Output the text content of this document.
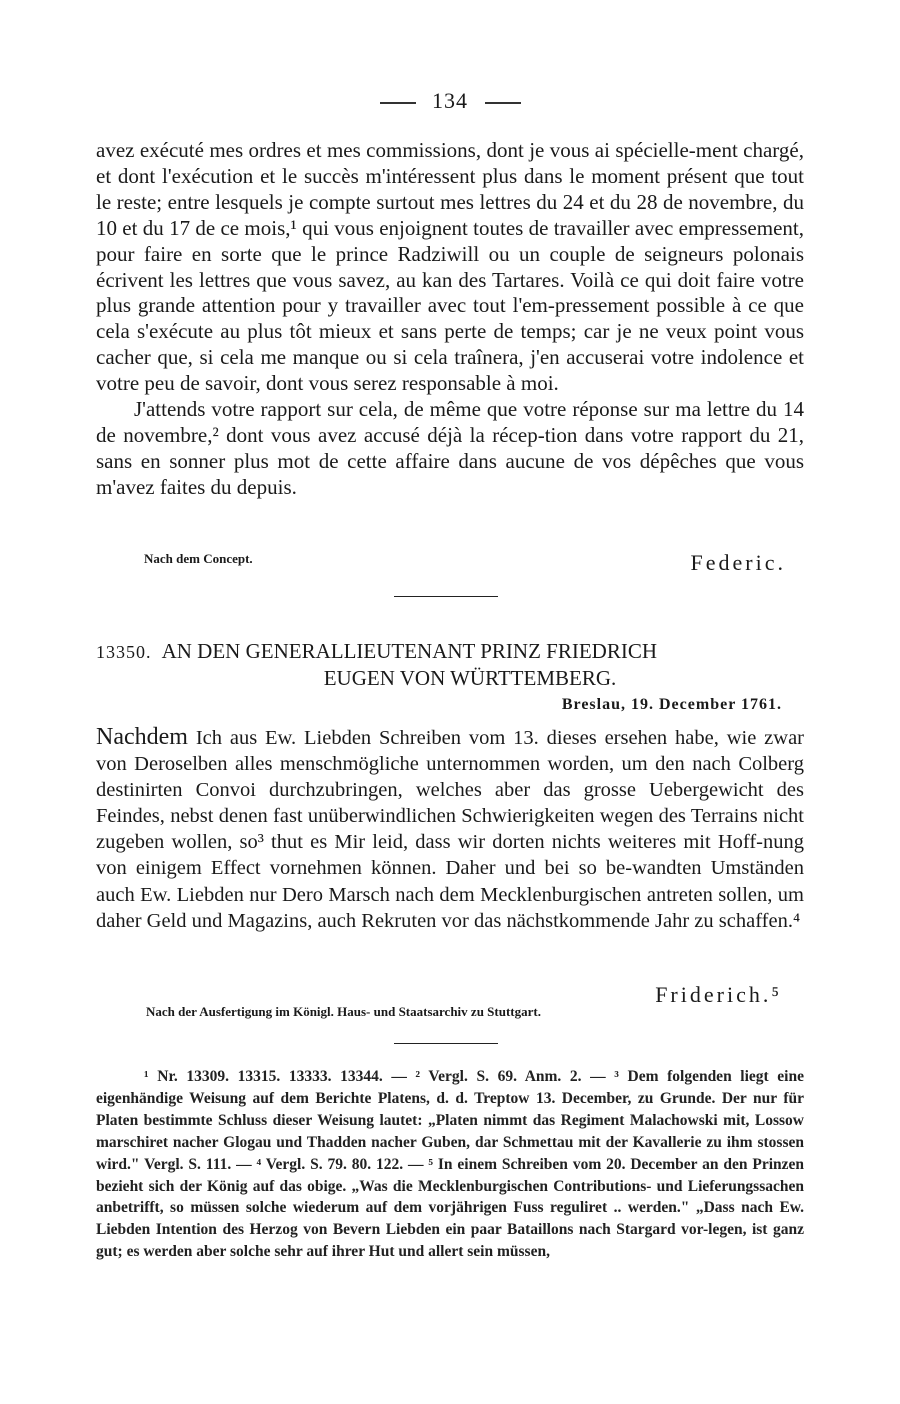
134

avez exécuté mes ordres et mes commissions, dont je vous ai spécielle-ment chargé, et dont l'exécution et le succès m'intéressent plus dans le moment présent que tout le reste; entre lesquels je compte surtout mes lettres du 24 et du 28 de novembre, du 10 et du 17 de ce mois,¹ qui vous enjoignent toutes de travailler avec empressement, pour faire en sorte que le prince Radziwill ou un couple de seigneurs polonais écrivent les lettres que vous savez, au kan des Tartares. Voilà ce qui doit faire votre plus grande attention pour y travailler avec tout l'em-pressement possible à ce que cela s'exécute au plus tôt mieux et sans perte de temps; car je ne veux point vous cacher que, si cela me manque ou si cela traînera, j'en accuserai votre indolence et votre peu de savoir, dont vous serez responsable à moi.

J'attends votre rapport sur cela, de même que votre réponse sur ma lettre du 14 de novembre,² dont vous avez accusé déjà la récep-tion dans votre rapport du 21, sans en sonner plus mot de cette affaire dans aucune de vos dépêches que vous m'avez faites du depuis.

Nach dem Concept.	Federic.
13350. AN DEN GENERALLIEUTENANT PRINZ FRIEDRICH
EUGEN VON WÜRTTEMBERG.
Breslau, 19. December 1761.

Nachdem Ich aus Ew. Liebden Schreiben vom 13. dieses ersehen habe, wie zwar von Deroselben alles menschmögliche unternommen worden, um den nach Colberg destinirten Convoi durchzubringen, welches aber das grosse Uebergewicht des Feindes, nebst denen fast unüberwindlichen Schwierigkeiten wegen des Terrains nicht zugeben wollen, so³ thut es Mir leid, dass wir dorten nichts weiteres mit Hoff-nung von einigem Effect vornehmen können. Daher und bei so be-wandten Umständen auch Ew. Liebden nur Dero Marsch nach dem Mecklenburgischen antreten sollen, um daher Geld und Magazins, auch Rekruten vor das nächstkommende Jahr zu schaffen.⁴

Friderich.⁵
Nach der Ausfertigung im Königl. Haus- und Staatsarchiv zu Stuttgart.

¹ Nr. 13309. 13315. 13333. 13344. — ² Vergl. S. 69. Anm. 2. — ³ Dem folgenden liegt eine eigenhändige Weisung auf dem Berichte Platens, d. d. Treptow 13. December, zu Grunde. Der nur für Platen bestimmte Schluss dieser Weisung lautet: „Platen nimmt das Regiment Malachowski mit, Lossow marschiret nacher Glogau und Thadden nacher Guben, dar Schmettau mit der Kavallerie zu ihm stossen wird." Vergl. S. 111. — ⁴ Vergl. S. 79. 80. 122. — ⁵ In einem Schreiben vom 20. December an den Prinzen bezieht sich der König auf das obige. „Was die Mecklenburgischen Contributions- und Lieferungssachen anbetrifft, so müssen solche wiederum auf dem vorjährigen Fuss reguliret .. werden." „Dass nach Ew. Liebden Intention des Herzog von Bevern Liebden ein paar Bataillons nach Stargard vor-legen, ist ganz gut; es werden aber solche sehr auf ihrer Hut und allert sein müssen,
